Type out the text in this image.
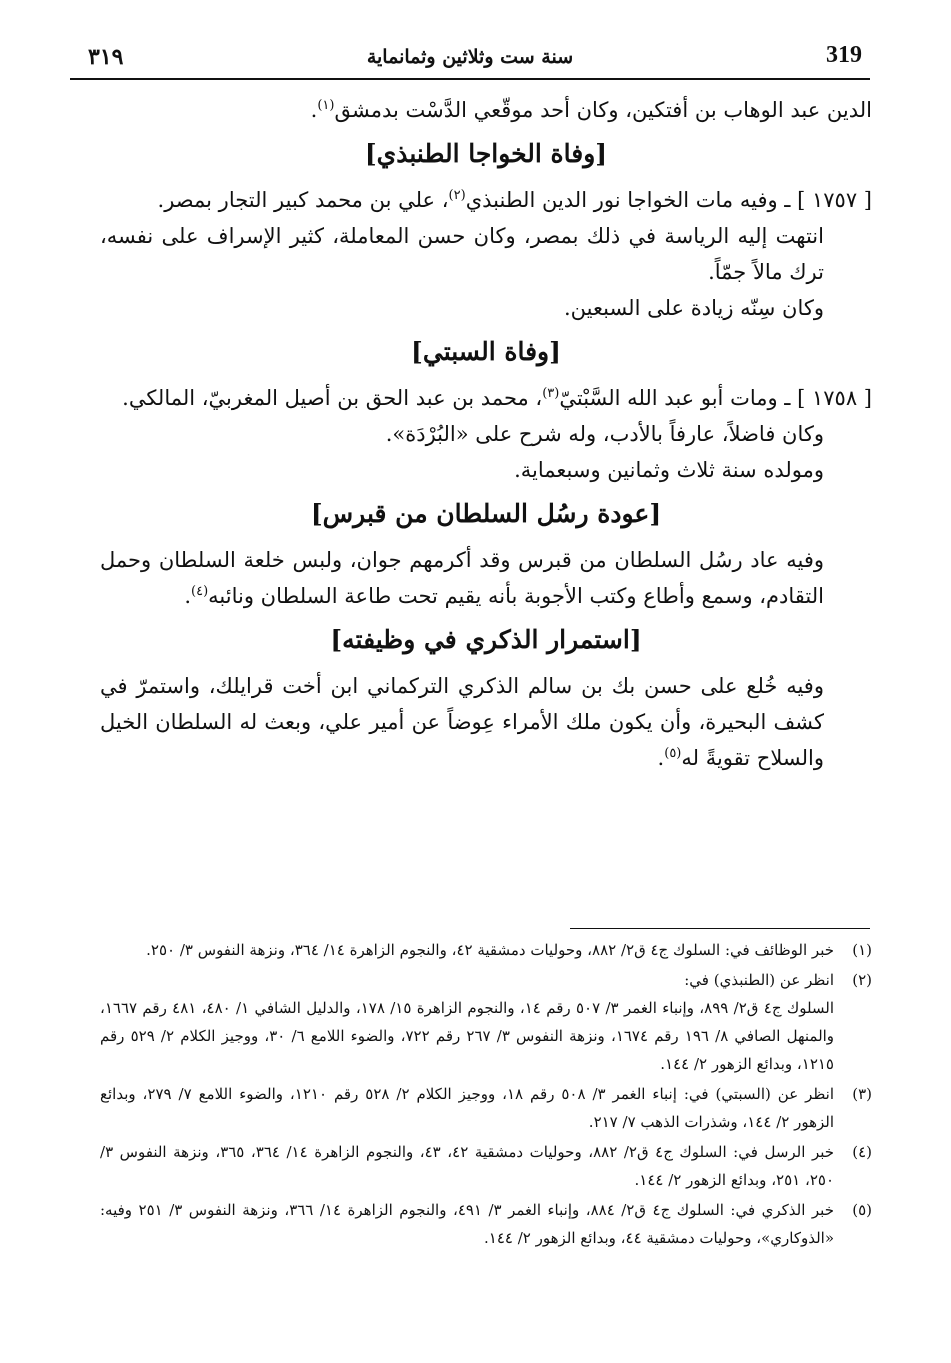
٣١٩	سنة ست وثلاثين وثمانماية	319

الدين عبد الوهاب بن أفتكين، وكان أحد موقّعي الدَّسْت بدمشق$^{(١)}$.

[وفاة الخواجا الطنبذي]

[ ١٧٥٧ ] ـ وفيه مات الخواجا نور الدين الطنبذي$^{(٢)}$، علي بن محمد كبير التجار بمصر.

انتهت إليه الرياسة في ذلك بمصر، وكان حسن المعاملة، كثير الإسراف على نفسه، ترك مالاً جمّاً.

وكان سِنّه زيادة على السبعين.

[وفاة السبتي]

[ ١٧٥٨ ] ـ ومات أبو عبد الله السَّبْتيّ$^{(٣)}$، محمد بن عبد الحق بن أصيل المغربيّ، المالكي.

وكان فاضلاً، عارفاً بالأدب، وله شرح على «البُرْدَة».

ومولده سنة ثلاث وثمانين وسبعماية.

[عودة رسُل السلطان من قبرس]

وفيه عاد رسُل السلطان من قبرس وقد أكرمهم جوان، ولبس خلعة السلطان وحمل التقادم، وسمع وأطاع وكتب الأجوبة بأنه يقيم تحت طاعة السلطان ونائبه$^{(٤)}$.

[استمرار الذكري في وظيفته]

وفيه خُلع على حسن بك بن سالم الذكري التركماني ابن أخت قرايلك، واستمرّ في كشف البحيرة، وأن يكون ملك الأمراء عِوضاً عن أمير علي، وبعث له السلطان الخيل والسلاح تقويةً له$^{(٥)}$.

(١)
خبر الوظائف في: السلوك ج٤ ق٢/ ٨٨٢، وحوليات دمشقية ٤٢، والنجوم الزاهرة ١٤/ ٣٦٤، ونزهة النفوس ٣/ ٢٥٠.
(٢)
انظر عن (الطنبذي) في:

السلوك ج٤ ق٢/ ٨٩٩، وإنباء الغمر ٣/ ٥٠٧ رقم ١٤، والنجوم الزاهرة ١٥/ ١٧٨، والدليل الشافي ١/ ٤٨٠، ٤٨١ رقم ١٦٦٧، والمنهل الصافي ٨/ ١٩٦ رقم ١٦٧٤، ونزهة النفوس ٣/ ٢٦٧ رقم ٧٢٢، والضوء اللامع ٦/ ٣٠، ووجيز الكلام ٢/ ٥٢٩ رقم ١٢١٥، وبدائع الزهور ٢/ ١٤٤.

(٣)
انظر عن (السبتي) في: إنباء الغمر ٣/ ٥٠٨ رقم ١٨، ووجيز الكلام ٢/ ٥٢٨ رقم ١٢١٠، والضوء اللامع ٧/ ٢٧٩، وبدائع الزهور ٢/ ١٤٤، وشذرات الذهب ٧/ ٢١٧.
(٤)
خبر الرسل في: السلوك ج٤ ق٢/ ٨٨٢، وحوليات دمشقية ٤٢، ٤٣، والنجوم الزاهرة ١٤/ ٣٦٤، ٣٦٥، ونزهة النفوس ٣/ ٢٥٠، ٢٥١، وبدائع الزهور ٢/ ١٤٤.
(٥)
خبر الذكري في: السلوك ج٤ ق٢/ ٨٨٤، وإنباء الغمر ٣/ ٤٩١، والنجوم الزاهرة ١٤/ ٣٦٦، ونزهة النفوس ٣/ ٢٥١ وفيه: «الذوكاري»، وحوليات دمشقية ٤٤، وبدائع الزهور ٢/ ١٤٤.
